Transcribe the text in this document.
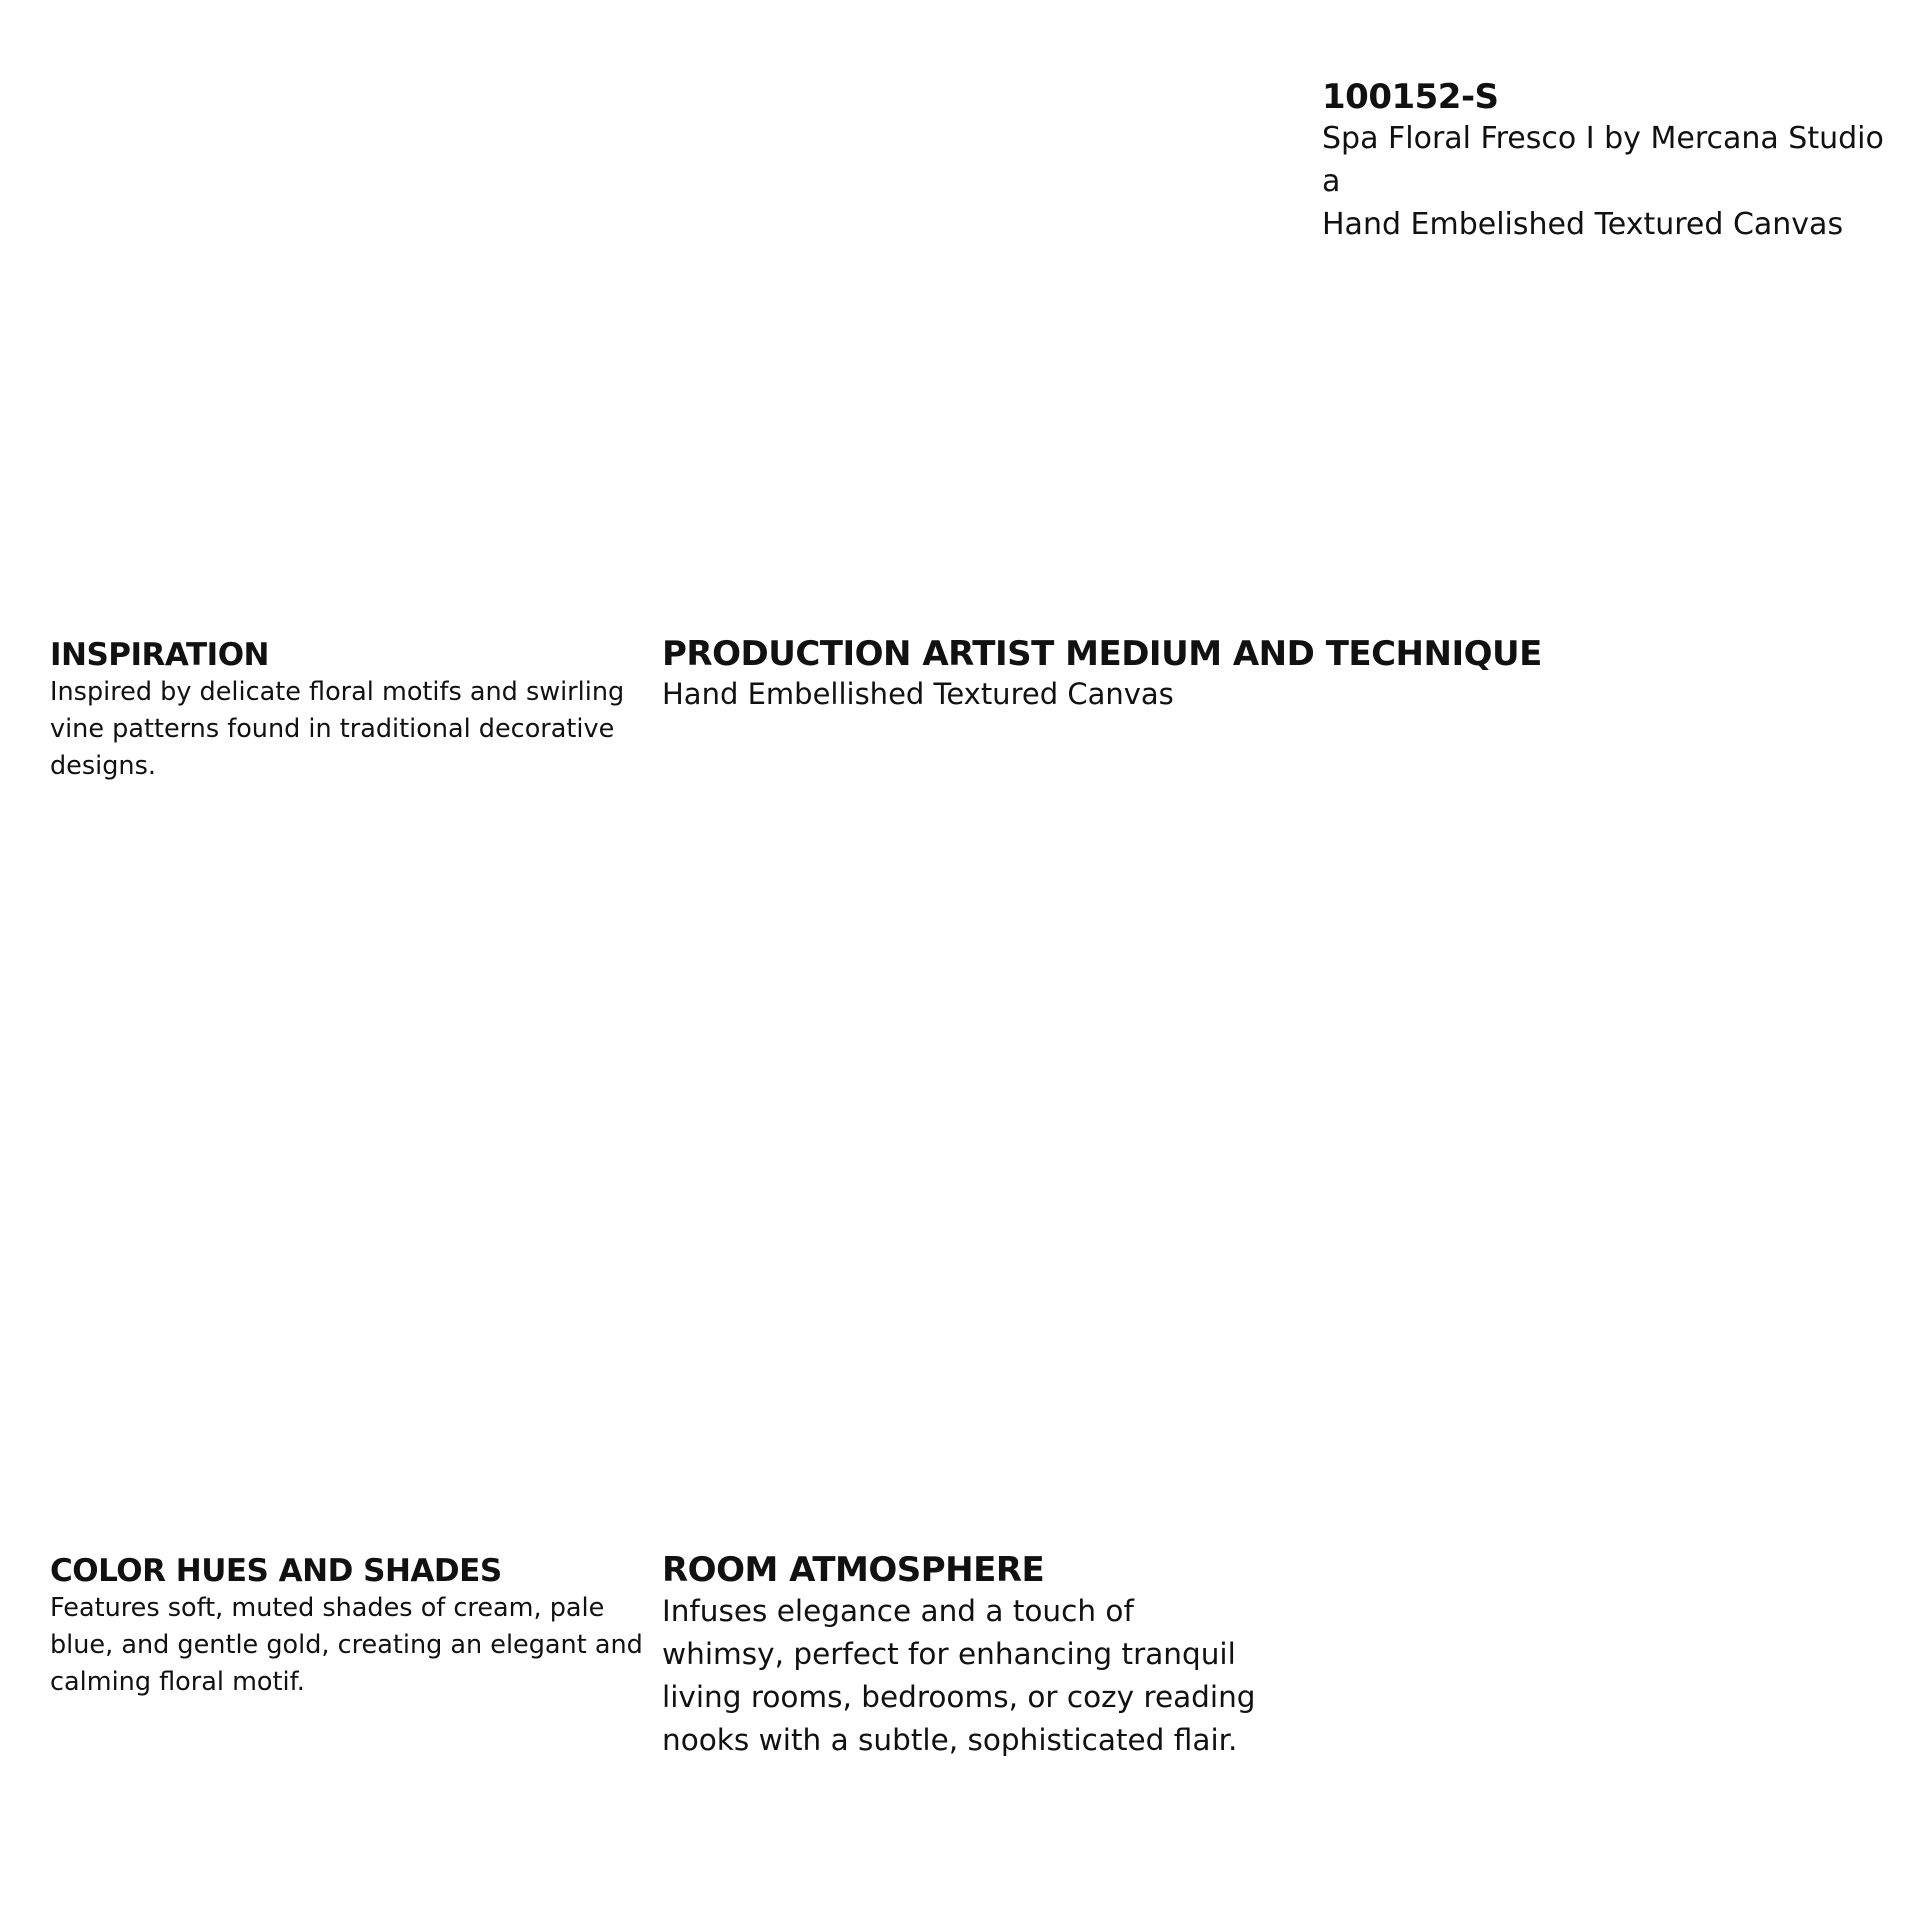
100152-S

Spa Floral Fresco I by Mercana Studio a

Hand Embelished Textured Canvas

INSPIRATION

Inspired by delicate floral motifs and swirling vine patterns found in traditional decorative designs.

PRODUCTION ARTIST MEDIUM AND TECHNIQUE

Hand Embellished Textured Canvas

COLOR HUES AND SHADES

Features soft, muted shades of cream, pale blue, and gentle gold, creating an elegant and calming floral motif.

ROOM ATMOSPHERE

Infuses elegance and a touch of whimsy, perfect for enhancing tranquil living rooms, bedrooms, or cozy reading nooks with a subtle, sophisticated flair.
